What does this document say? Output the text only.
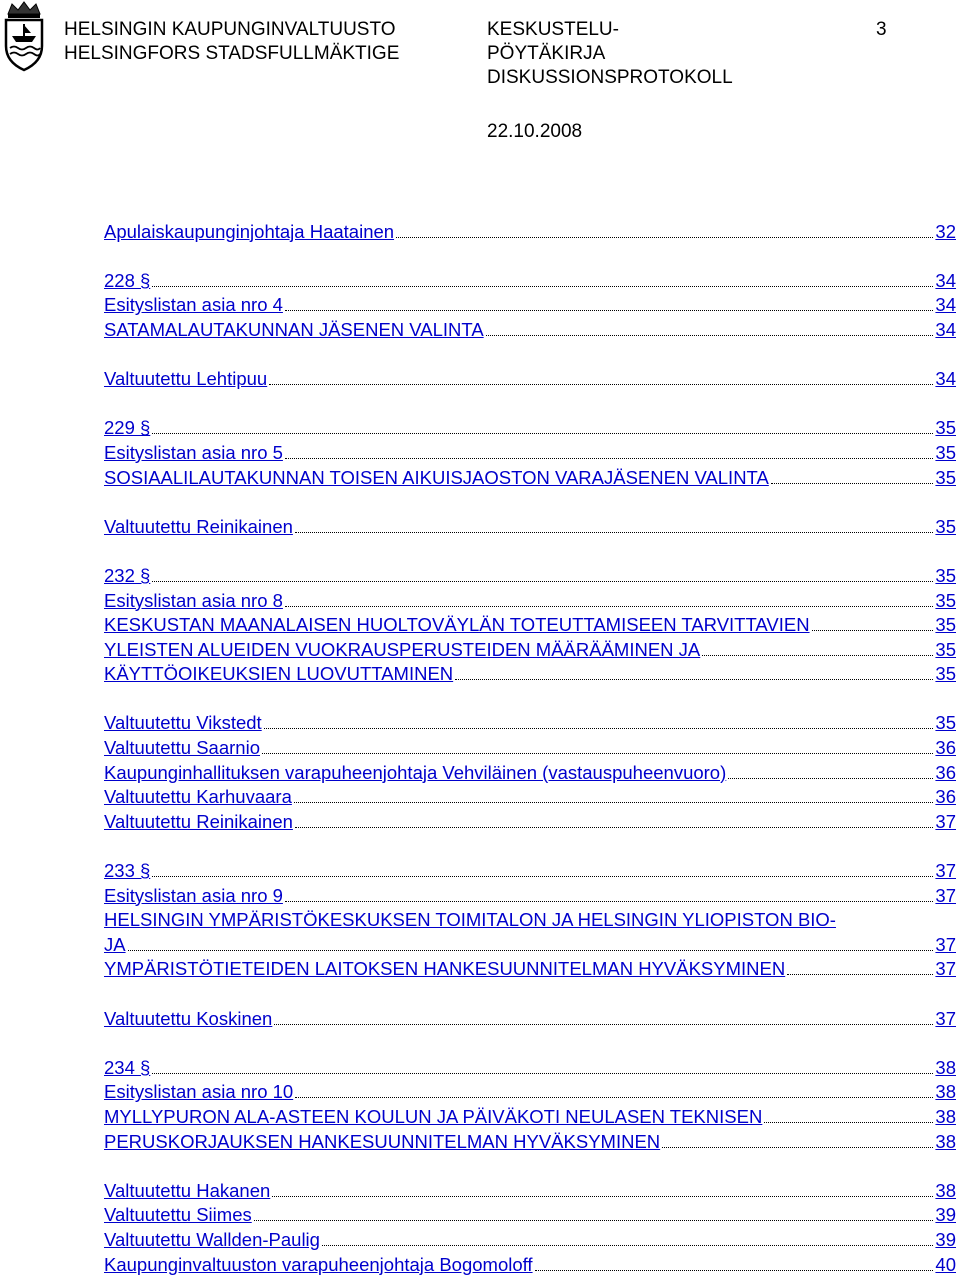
HELSINGIN KAUPUNGINVALTUUSTO
HELSINGFORS STADSFULLMÄKTIGE
KESKUSTELU-
PÖYTÄKIRJA
DISKUSSIONSPROTOKOLL
3
22.10.2008
Apulaiskaupunginjohtaja Haatainen	32
228 §	34
Esityslistan asia nro 4	34
SATAMALAUTAKUNNAN JÄSENEN VALINTA	34
Valtuutettu Lehtipuu	34
229 §	35
Esityslistan asia nro 5	35
SOSIAALILAUTAKUNNAN TOISEN AIKUISJAOSTON VARAJÄSENEN VALINTA	35
Valtuutettu Reinikainen	35
232 §	35
Esityslistan asia nro 8	35
KESKUSTAN MAANALAISEN HUOLTOVÄYLÄN TOTEUTTAMISEEN TARVITTAVIEN	35
YLEISTEN ALUEIDEN VUOKRAUSPERUSTEIDEN MÄÄRÄÄMINEN JA	35
KÄYTTÖOIKEUKSIEN LUOVUTTAMINEN	35
Valtuutettu Vikstedt	35
Valtuutettu Saarnio	36
Kaupunginhallituksen varapuheenjohtaja Vehviläinen (vastauspuheenvuoro)	36
Valtuutettu Karhuvaara	36
Valtuutettu Reinikainen	37
233 §	37
Esityslistan asia nro 9	37
HELSINGIN YMPÄRISTÖKESKUKSEN TOIMITALON JA HELSINGIN YLIOPISTON BIO-
JA	37
YMPÄRISTÖTIETEIDEN LAITOKSEN HANKESUUNNITELMAN HYVÄKSYMINEN	37
Valtuutettu Koskinen	37
234 §	38
Esityslistan asia nro 10	38
MYLLYPURON ALA-ASTEEN KOULUN JA PÄIVÄKOTI NEULASEN TEKNISEN	38
PERUSKORJAUKSEN HANKESUUNNITELMAN HYVÄKSYMINEN	38
Valtuutettu Hakanen	38
Valtuutettu Siimes	39
Valtuutettu Wallden-Paulig	39
Kaupunginvaltuuston varapuheenjohtaja Bogomoloff	40
